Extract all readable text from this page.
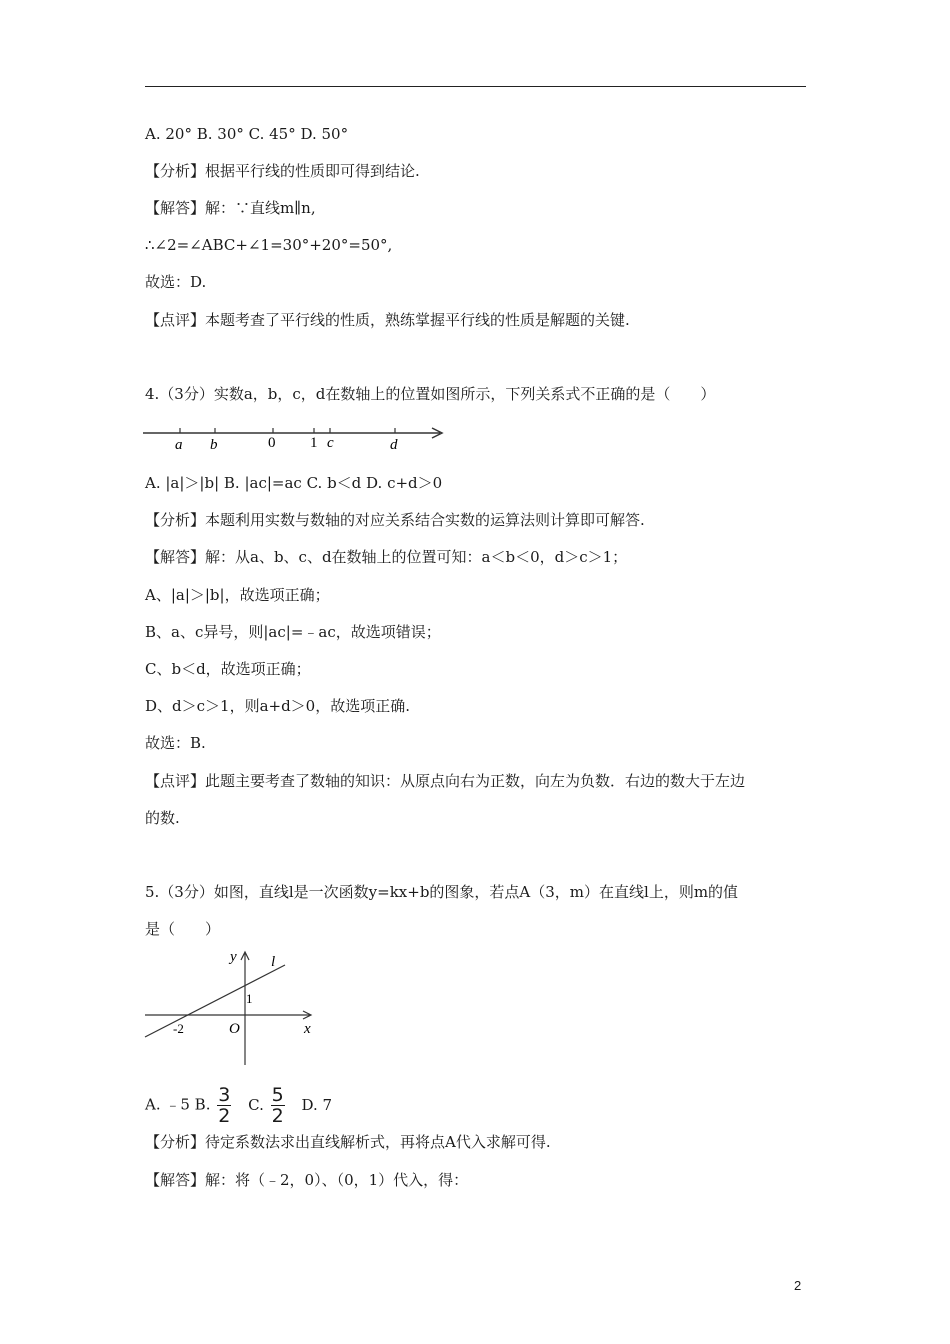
A. 20° B. 30° C. 45° D. 50°
【分析】根据平行线的性质即可得到结论.
【解答】解：∵直线m∥n,
∴∠2=∠ABC+∠1=30°+20°=50°,
故选：D.
【点评】本题考查了平行线的性质，熟练掌握平行线的性质是解题的关键.
4.（3分）实数a，b，c，d在数轴上的位置如图所示，下列关系式不正确的是（　　）
a b	0 1 c	d
A. |a|＞|b| B. |ac|=ac C. b＜d D. c+d＞0
【分析】本题利用实数与数轴的对应关系结合实数的运算法则计算即可解答.
【解答】解：从a、b、c、d在数轴上的位置可知：a＜b＜0，d＞c＞1；
A、|a|＞|b|，故选项正确；
B、a、c异号，则|ac|=﹣ac，故选项错误；
C、b＜d，故选项正确；
D、d＞c＞1，则a+d＞0，故选项正确.
故选：B.
【点评】此题主要考查了数轴的知识：从原点向右为正数，向左为负数．右边的数大于左边
的数.
5.（3分）如图，直线l是一次函数y=kx+b的图象，若点A（3，m）在直线l上，则m的值
是（　　）
y
x
l
O
-2
1
A. ﹣5 B. $\frac{3}{2} C$. $\frac{5}{2} D$. 7
【分析】待定系数法求出直线解析式，再将点A代入求解可得.
【解答】解：将（﹣2，0）、（0，1）代入，得：
2
